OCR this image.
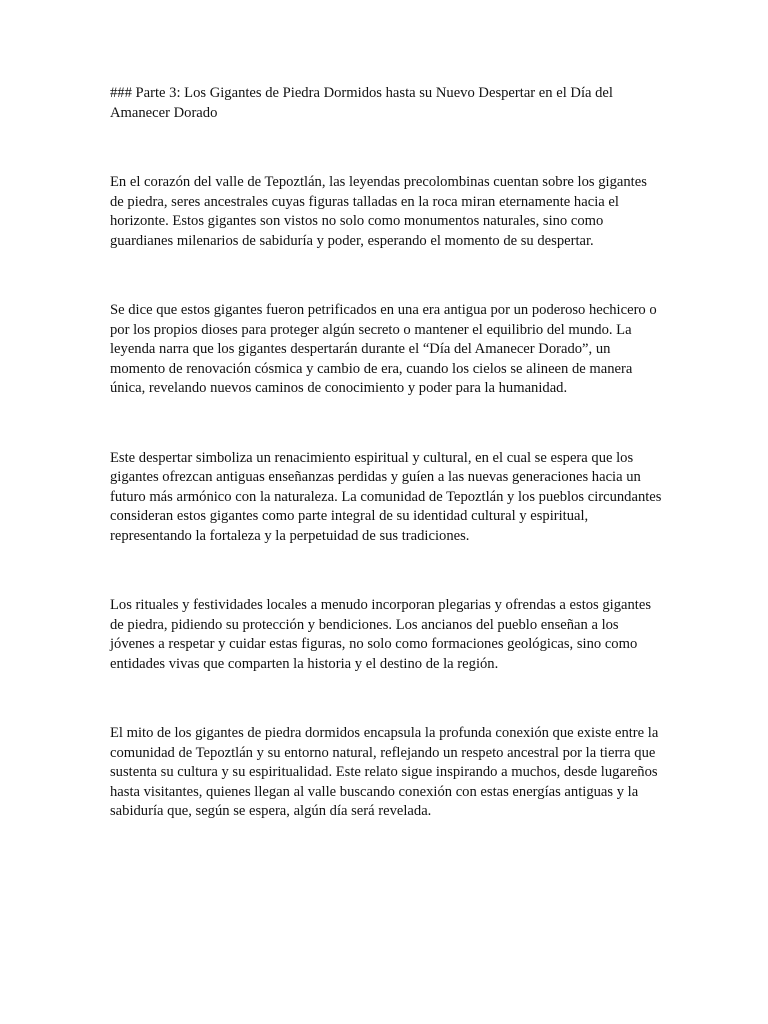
### Parte 3: Los Gigantes de Piedra Dormidos hasta su Nuevo Despertar en el Día del Amanecer Dorado

En el corazón del valle de Tepoztlán, las leyendas precolombinas cuentan sobre los gigantes de piedra, seres ancestrales cuyas figuras talladas en la roca miran eternamente hacia el horizonte. Estos gigantes son vistos no solo como monumentos naturales, sino como guardianes milenarios de sabiduría y poder, esperando el momento de su despertar.

Se dice que estos gigantes fueron petrificados en una era antigua por un poderoso hechicero o por los propios dioses para proteger algún secreto o mantener el equilibrio del mundo. La leyenda narra que los gigantes despertarán durante el “Día del Amanecer Dorado”, un momento de renovación cósmica y cambio de era, cuando los cielos se alineen de manera única, revelando nuevos caminos de conocimiento y poder para la humanidad.

Este despertar simboliza un renacimiento espiritual y cultural, en el cual se espera que los gigantes ofrezcan antiguas enseñanzas perdidas y guíen a las nuevas generaciones hacia un futuro más armónico con la naturaleza. La comunidad de Tepoztlán y los pueblos circundantes consideran estos gigantes como parte integral de su identidad cultural y espiritual, representando la fortaleza y la perpetuidad de sus tradiciones.

Los rituales y festividades locales a menudo incorporan plegarias y ofrendas a estos gigantes de piedra, pidiendo su protección y bendiciones. Los ancianos del pueblo enseñan a los jóvenes a respetar y cuidar estas figuras, no solo como formaciones geológicas, sino como entidades vivas que comparten la historia y el destino de la región.

El mito de los gigantes de piedra dormidos encapsula la profunda conexión que existe entre la comunidad de Tepoztlán y su entorno natural, reflejando un respeto ancestral por la tierra que sustenta su cultura y su espiritualidad. Este relato sigue inspirando a muchos, desde lugareños hasta visitantes, quienes llegan al valle buscando conexión con estas energías antiguas y la sabiduría que, según se espera, algún día será revelada.
